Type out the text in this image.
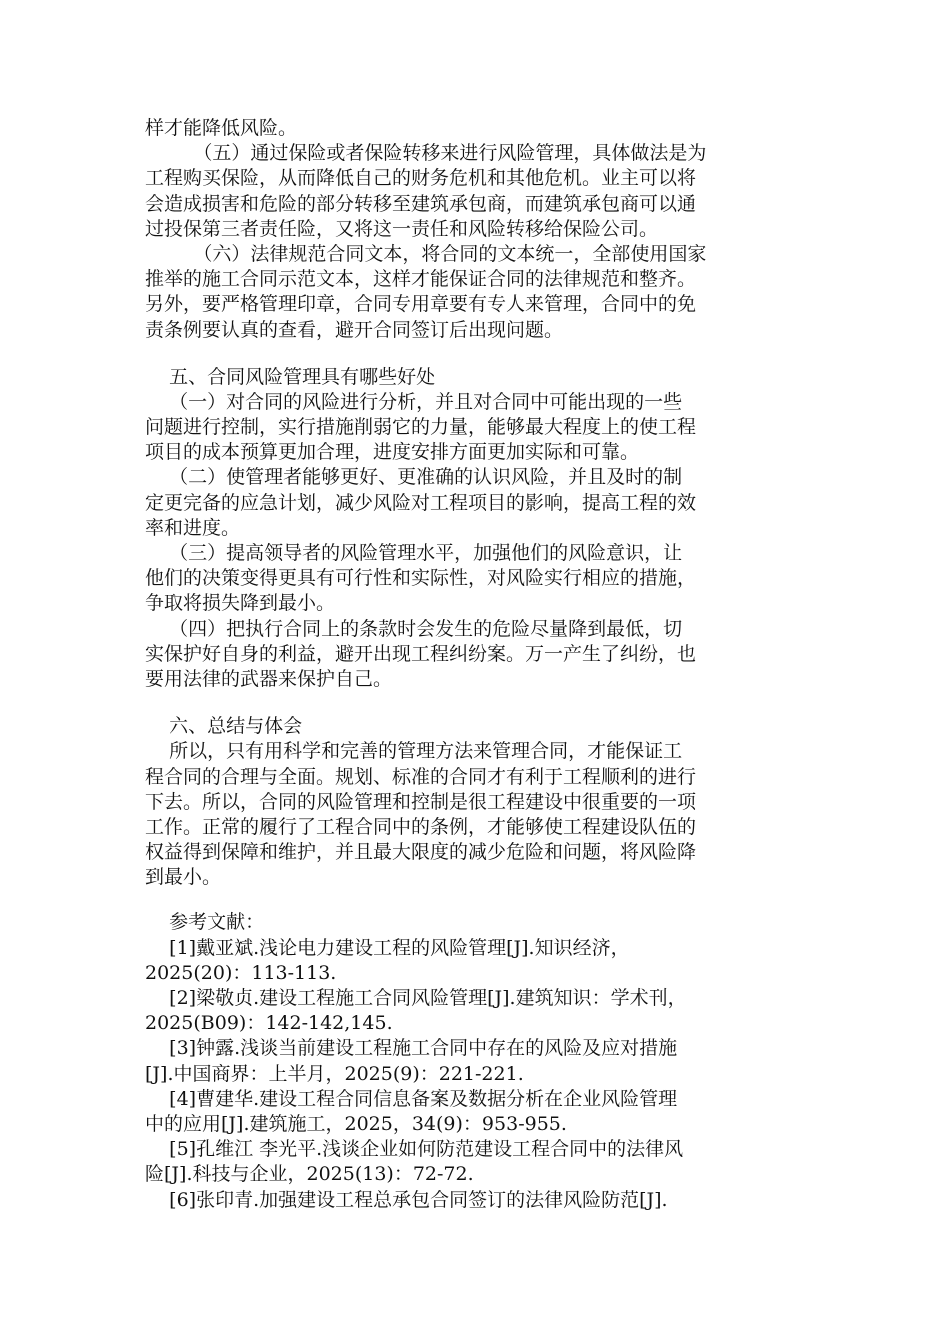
样才能降低风险。
（五）通过保险或者保险转移来进行风险管理，具体做法是为
工程购买保险，从而降低自己的财务危机和其他危机。业主可以将
会造成损害和危险的部分转移至建筑承包商，而建筑承包商可以通
过投保第三者责任险，又将这一责任和风险转移给保险公司。
（六）法律规范合同文本，将合同的文本统一，全部使用国家
推举的施工合同示范文本，这样才能保证合同的法律规范和整齐。
另外，要严格管理印章，合同专用章要有专人来管理，合同中的免
责条例要认真的查看，避开合同签订后出现问题。
五、合同风险管理具有哪些好处
（一）对合同的风险进行分析，并且对合同中可能出现的一些
问题进行控制，实行措施削弱它的力量，能够最大程度上的使工程
项目的成本预算更加合理，进度安排方面更加实际和可靠。
（二）使管理者能够更好、更准确的认识风险，并且及时的制
定更完备的应急计划，减少风险对工程项目的影响，提高工程的效
率和进度。
（三）提高领导者的风险管理水平，加强他们的风险意识，让
他们的决策变得更具有可行性和实际性，对风险实行相应的措施，
争取将损失降到最小。
（四）把执行合同上的条款时会发生的危险尽量降到最低，切
实保护好自身的利益，避开出现工程纠纷案。万一产生了纠纷，也
要用法律的武器来保护自己。
六、总结与体会
所以，只有用科学和完善的管理方法来管理合同，才能保证工
程合同的合理与全面。规划、标准的合同才有利于工程顺利的进行
下去。所以，合同的风险管理和控制是很工程建设中很重要的一项
工作。正常的履行了工程合同中的条例，才能够使工程建设队伍的
权益得到保障和维护，并且最大限度的减少危险和问题，将风险降
到最小。
参考文献：
[1]戴亚斌.浅论电力建设工程的风险管理[J].知识经济，
2025(20)：113-113.
[2]梁敬贞.建设工程施工合同风险管理[J].建筑知识：学术刊，
2025(B09)：142-142,145.
[3]钟露.浅谈当前建设工程施工合同中存在的风险及应对措施
[J].中国商界：上半月，2025(9)：221-221.
[4]曹建华.建设工程合同信息备案及数据分析在企业风险管理
中的应用[J].建筑施工，2025，34(9)：953-955.
[5]孔维江 李光平.浅谈企业如何防范建设工程合同中的法律风
险[J].科技与企业，2025(13)：72-72.
[6]张印青.加强建设工程总承包合同签订的法律风险防范[J].
